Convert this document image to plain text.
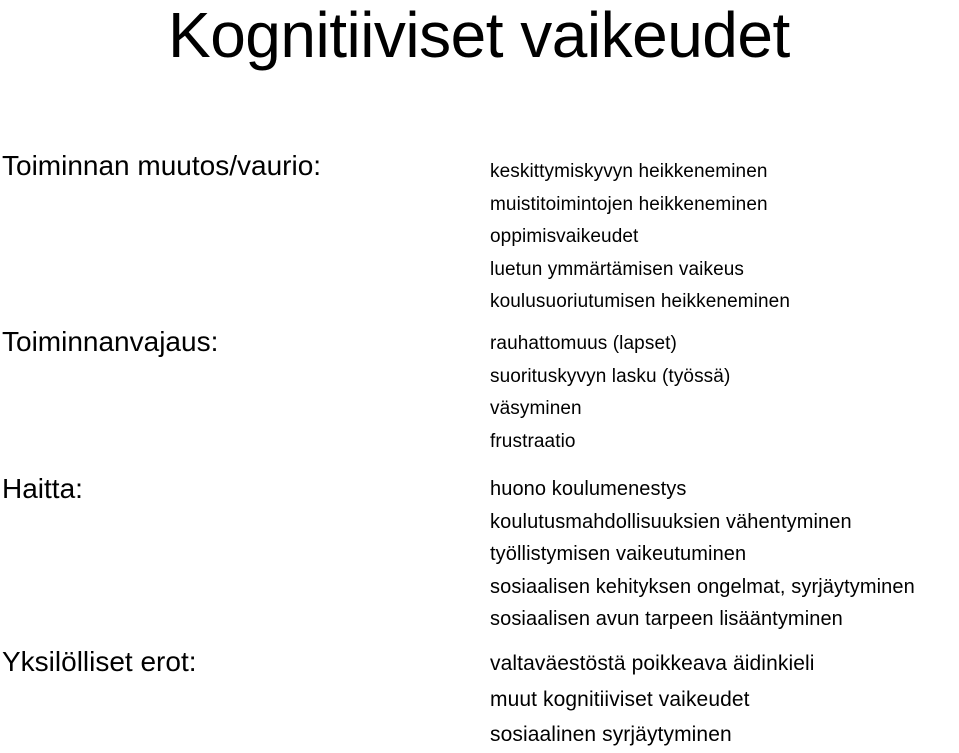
Kognitiiviset vaikeudet
Toiminnan muutos/vaurio:	keskittymiskyvyn heikkeneminen
muistitoimintojen heikkeneminen
oppimisvaikeudet
luetun ymmärtämisen vaikeus
koulusuoriutumisen heikkeneminen
Toiminnanvajaus:	rauhattomuus (lapset)
suorituskyvyn lasku (työssä)
väsyminen
frustraatio
Haitta:	huono koulumenestys
koulutusmahdollisuuksien vähentyminen
työllistymisen vaikeutuminen
sosiaalisen kehityksen ongelmat, syrjäytyminen
sosiaalisen avun tarpeen lisääntyminen
Yksilölliset erot:	valtaväestöstä poikkeava äidinkieli
muut kognitiiviset vaikeudet
sosiaalinen syrjäytyminen
